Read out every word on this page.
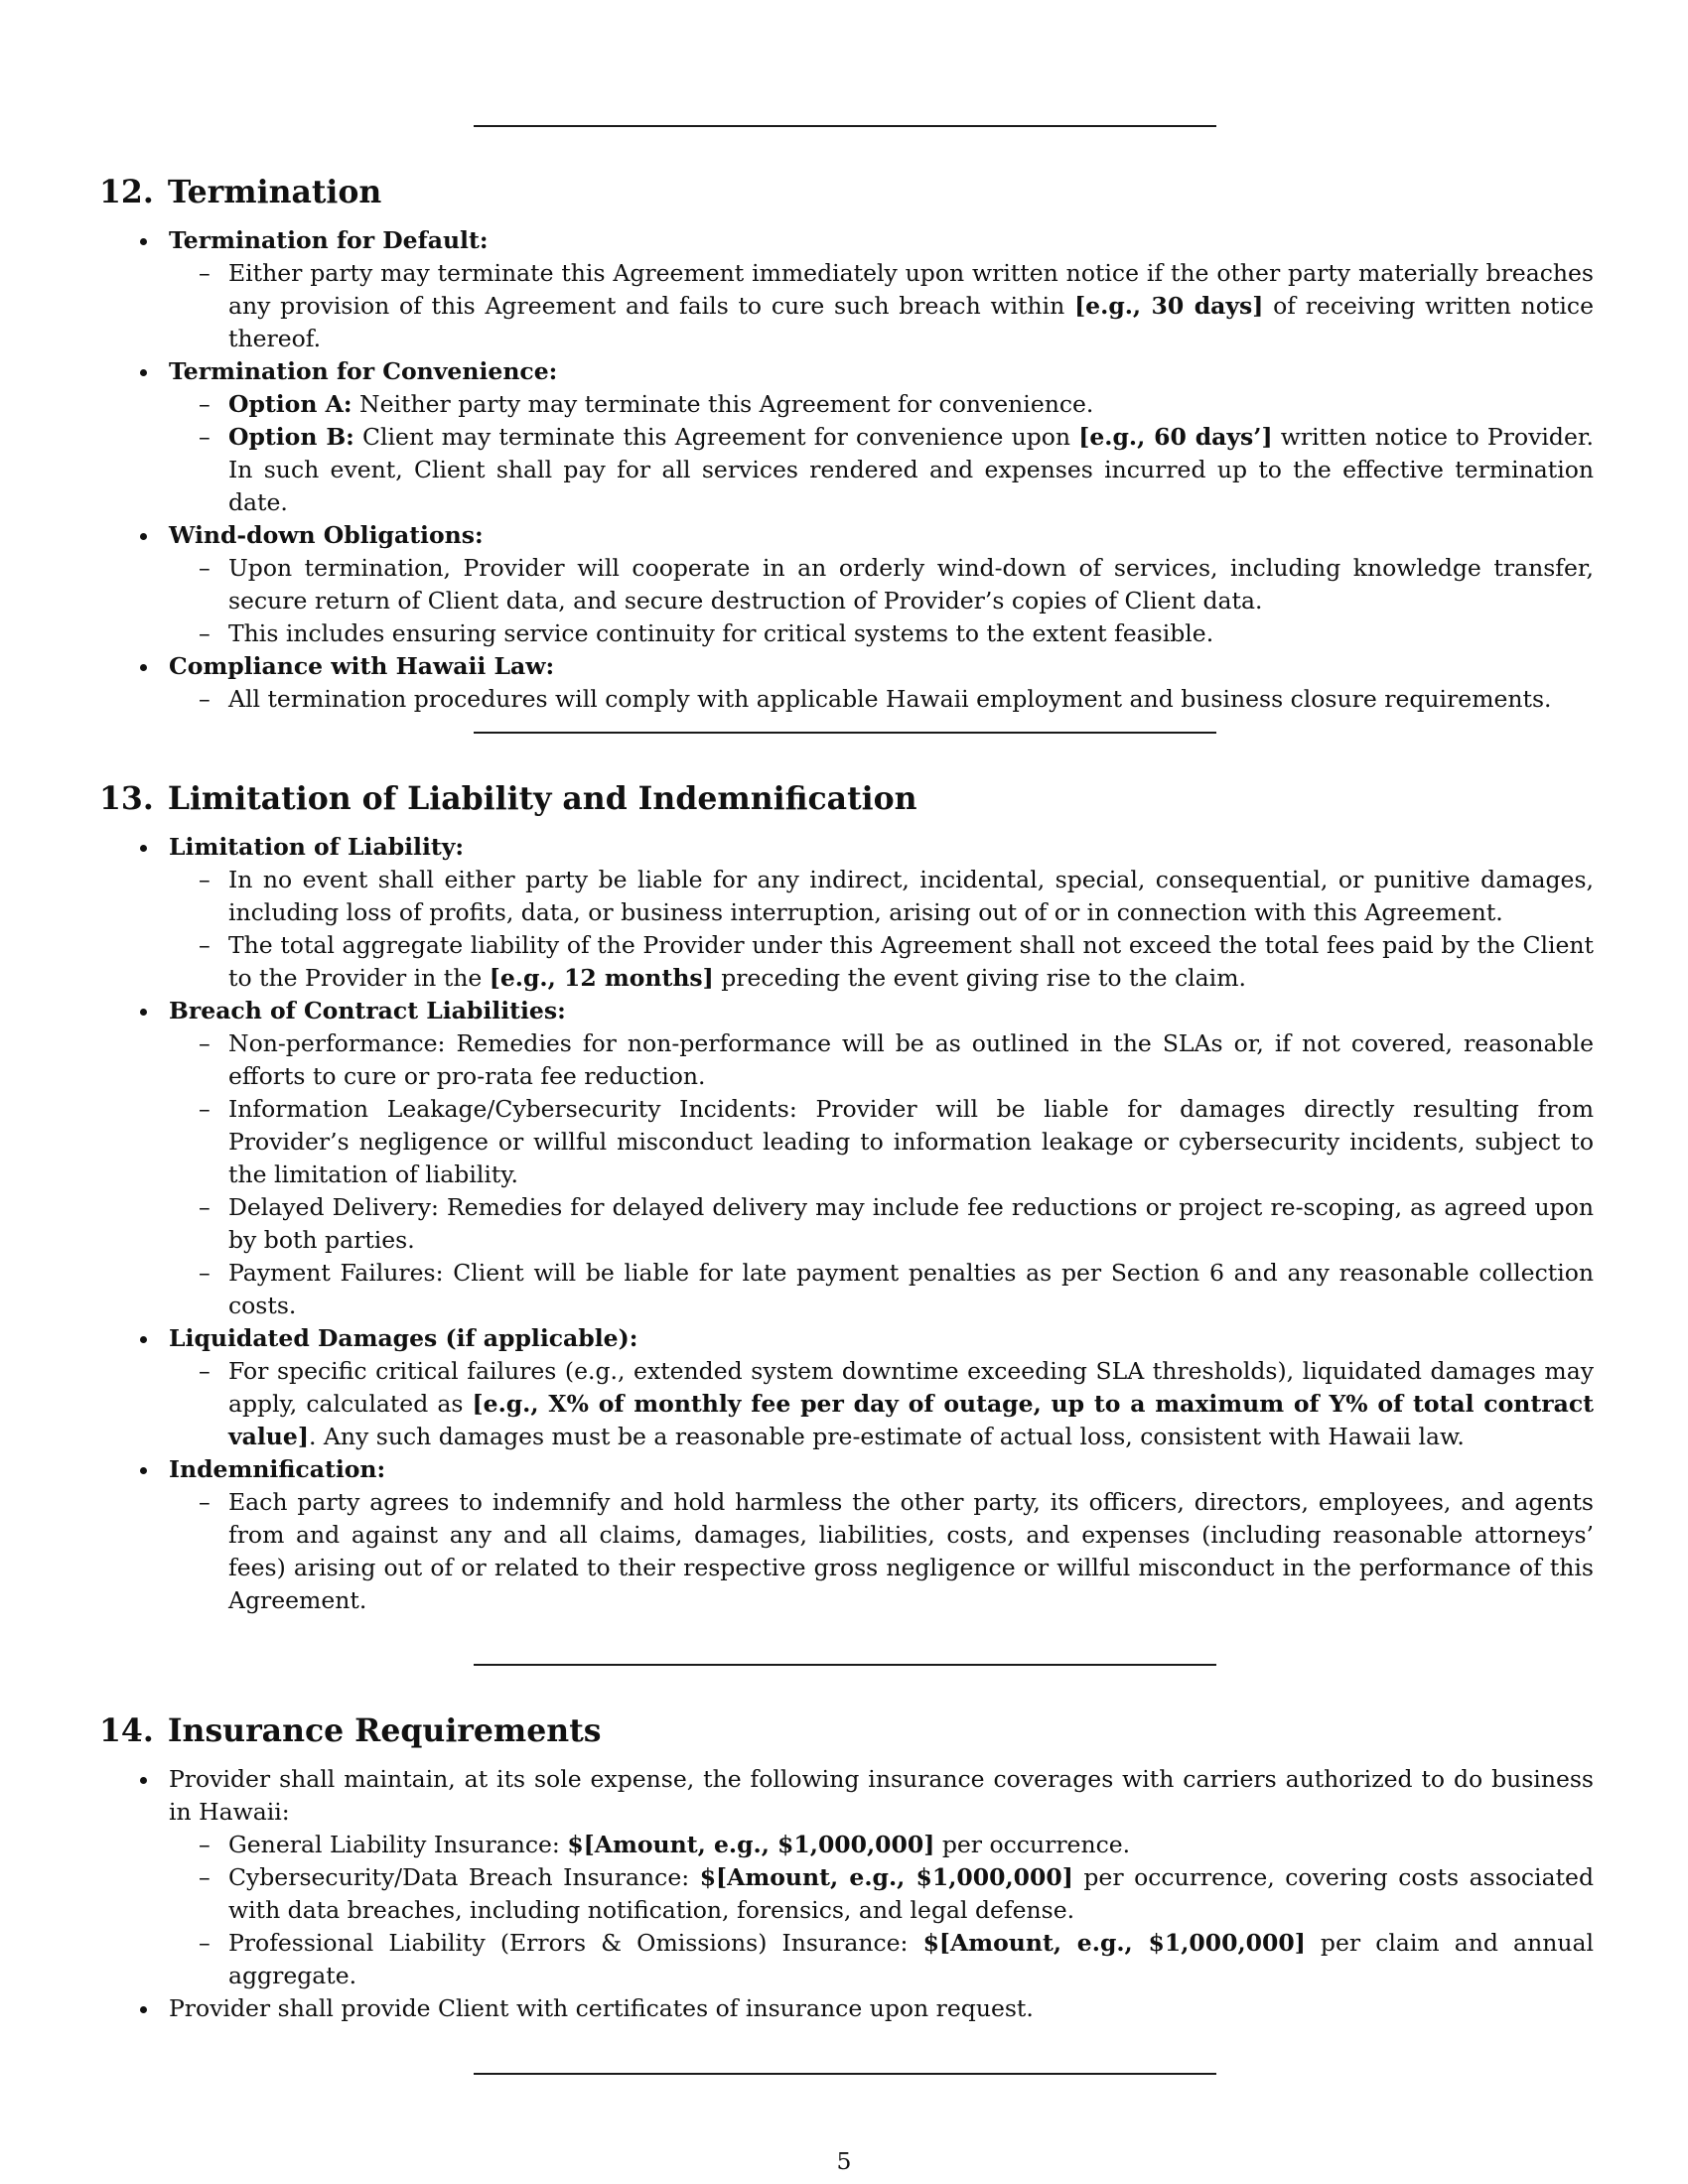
12. Termination
Termination for Default:
– Either party may terminate this Agreement immediately upon written notice if the other party materially breaches any provision of this Agreement and fails to cure such breach within [e.g., 30 days] of receiving written notice thereof.
Termination for Convenience:
– Option A: Neither party may terminate this Agreement for convenience.
– Option B: Client may terminate this Agreement for convenience upon [e.g., 60 days’] written notice to Provider. In such event, Client shall pay for all services rendered and expenses incurred up to the effective termination date.
Wind-down Obligations:
– Upon termination, Provider will cooperate in an orderly wind-down of services, including knowledge transfer, secure return of Client data, and secure destruction of Provider’s copies of Client data.
– This includes ensuring service continuity for critical systems to the extent feasible.
Compliance with Hawaii Law:
– All termination procedures will comply with applicable Hawaii employment and business closure requirements.
13. Limitation of Liability and Indemnification
Limitation of Liability:
– In no event shall either party be liable for any indirect, incidental, special, consequential, or punitive damages, including loss of profits, data, or business interruption, arising out of or in connection with this Agreement.
– The total aggregate liability of the Provider under this Agreement shall not exceed the total fees paid by the Client to the Provider in the [e.g., 12 months] preceding the event giving rise to the claim.
Breach of Contract Liabilities:
– Non-performance: Remedies for non-performance will be as outlined in the SLAs or, if not covered, reasonable efforts to cure or pro-rata fee reduction.
– Information Leakage/Cybersecurity Incidents: Provider will be liable for damages directly resulting from Provider’s negligence or willful misconduct leading to information leakage or cybersecurity incidents, subject to the limitation of liability.
– Delayed Delivery: Remedies for delayed delivery may include fee reductions or project re-scoping, as agreed upon by both parties.
– Payment Failures: Client will be liable for late payment penalties as per Section 6 and any reasonable collection costs.
Liquidated Damages (if applicable):
– For specific critical failures (e.g., extended system downtime exceeding SLA thresholds), liquidated damages may apply, calculated as [e.g., X% of monthly fee per day of outage, up to a maximum of Y% of total contract value]. Any such damages must be a reasonable pre-estimate of actual loss, consistent with Hawaii law.
Indemnification:
– Each party agrees to indemnify and hold harmless the other party, its officers, directors, employees, and agents from and against any and all claims, damages, liabilities, costs, and expenses (including reasonable attorneys’ fees) arising out of or related to their respective gross negligence or willful misconduct in the performance of this Agreement.
14. Insurance Requirements
Provider shall maintain, at its sole expense, the following insurance coverages with carriers authorized to do business in Hawaii:
– General Liability Insurance: $[Amount, e.g., $1,000,000] per occurrence.
– Cybersecurity/Data Breach Insurance: $[Amount, e.g., $1,000,000] per occurrence, covering costs associated with data breaches, including notification, forensics, and legal defense.
– Professional Liability (Errors & Omissions) Insurance: $[Amount, e.g., $1,000,000] per claim and annual aggregate.
Provider shall provide Client with certificates of insurance upon request.
5
